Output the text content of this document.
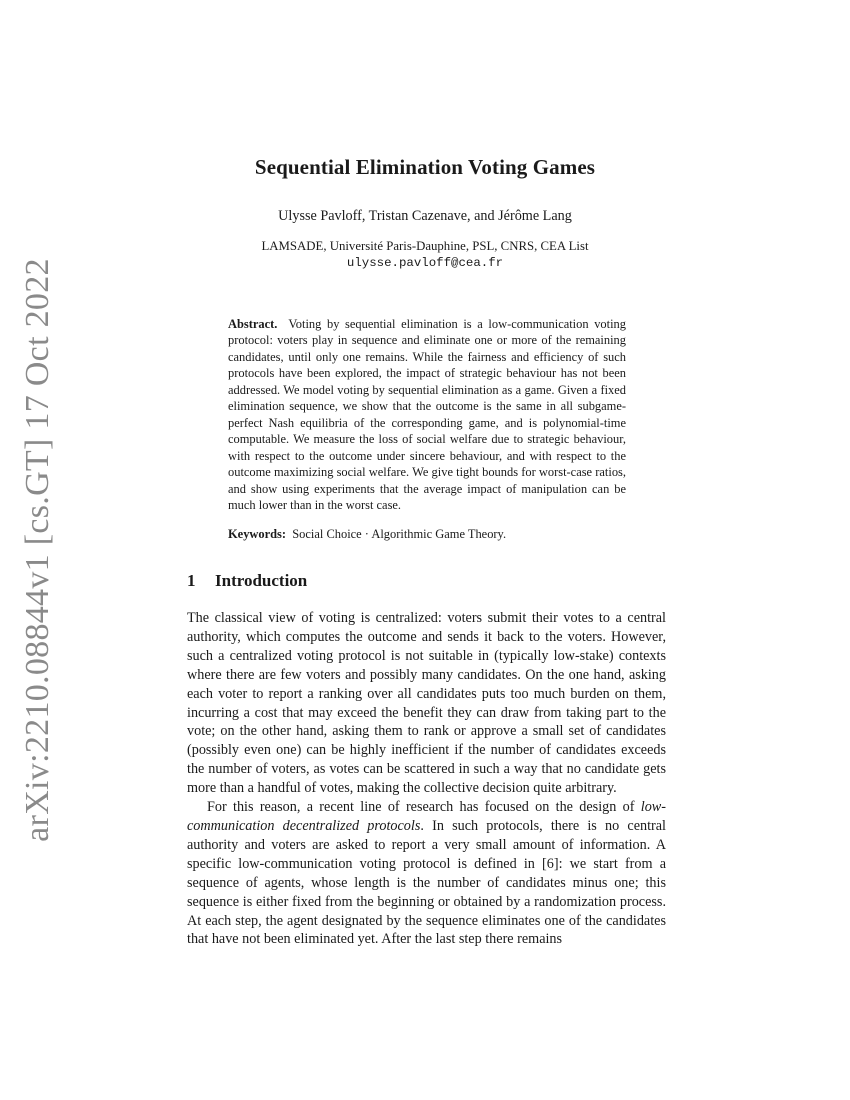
arXiv:2210.08844v1 [cs.GT] 17 Oct 2022
Sequential Elimination Voting Games
Ulysse Pavloff, Tristan Cazenave, and Jérôme Lang
LAMSADE, Université Paris-Dauphine, PSL, CNRS, CEA List
ulysse.pavloff@cea.fr

Abstract. Voting by sequential elimination is a low-communication voting protocol: voters play in sequence and eliminate one or more of the remaining candidates, until only one remains. While the fairness and efficiency of such protocols have been explored, the impact of strategic behaviour has not been addressed. We model voting by sequential elimination as a game. Given a fixed elimination sequence, we show that the outcome is the same in all subgame-perfect Nash equilibria of the corresponding game, and is polynomial-time computable. We measure the loss of social welfare due to strategic behaviour, with respect to the outcome under sincere behaviour, and with respect to the outcome maximizing social welfare. We give tight bounds for worst-case ratios, and show using experiments that the average impact of manipulation can be much lower than in the worst case.

Keywords: Social Choice · Algorithmic Game Theory.
1 Introduction

The classical view of voting is centralized: voters submit their votes to a central authority, which computes the outcome and sends it back to the voters. However, such a centralized voting protocol is not suitable in (typically low-stake) contexts where there are few voters and possibly many candidates. On the one hand, asking each voter to report a ranking over all candidates puts too much burden on them, incurring a cost that may exceed the benefit they can draw from taking part to the vote; on the other hand, asking them to rank or approve a small set of candidates (possibly even one) can be highly inefficient if the number of candidates exceeds the number of voters, as votes can be scattered in such a way that no candidate gets more than a handful of votes, making the collective decision quite arbitrary.

For this reason, a recent line of research has focused on the design of low-communication decentralized protocols. In such protocols, there is no central authority and voters are asked to report a very small amount of information. A specific low-communication voting protocol is defined in [6]: we start from a sequence of agents, whose length is the number of candidates minus one; this sequence is either fixed from the beginning or obtained by a randomization process. At each step, the agent designated by the sequence eliminates one of the candidates that have not been eliminated yet. After the last step there remains
